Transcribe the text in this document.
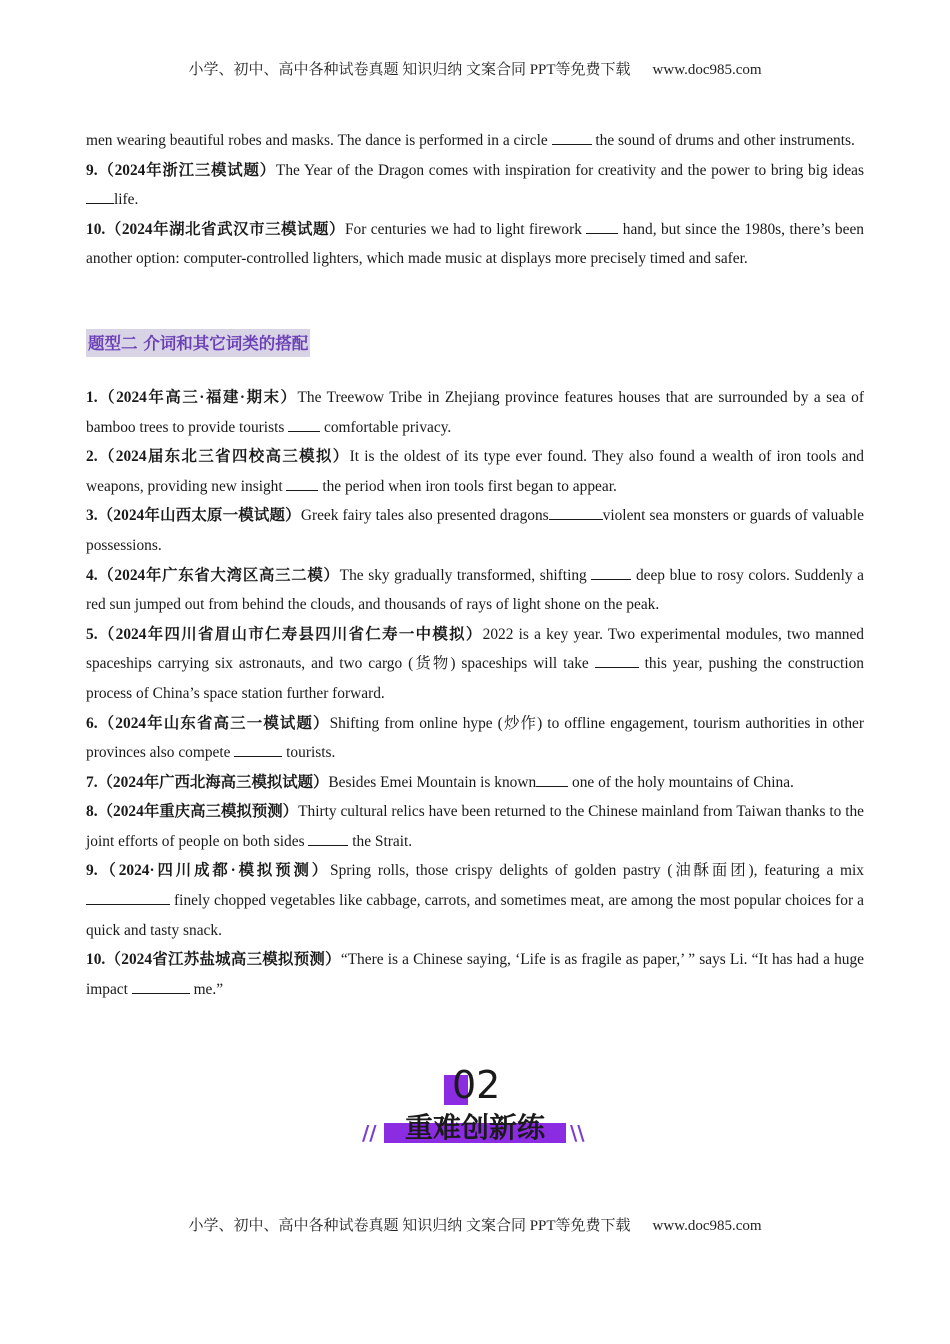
小学、初中、高中各种试卷真题 知识归纳 文案合同 PPT等免费下载 www.doc985.com

men wearing beautiful robes and masks. The dance is performed in a circle	the sound of drums and other instruments.

9.（2024年浙江三模试题）The Year of the Dragon comes with inspiration for creativity and the power to bring big ideas life.

10.（2024年湖北省武汉市三模试题）For centuries we had to light firework  hand, but since the 1980s, there’s been another option: computer-controlled lighters, which made music at displays more precisely timed and safer.

题型二 介词和其它词类的搭配

1.（2024年高三·福建·期末）The Treewow Tribe in Zhejiang province features houses that are surrounded by a sea of bamboo trees to provide tourists  comfortable privacy.

2.（2024届东北三省四校高三模拟）It is the oldest of its type ever found. They also found a wealth of iron tools and weapons, providing new insight  the period when iron tools first began to appear.

3.（2024年山西太原一模试题）Greek fairy tales also presented dragons	violent sea monsters or guards of valuable possessions.

4.（2024年广东省大湾区高三二模）The sky gradually transformed, shifting	deep blue to rosy colors. Suddenly a red sun jumped out from behind the clouds, and thousands of rays of light shone on the peak.

5.（2024年四川省眉山市仁寿县四川省仁寿一中模拟）2022 is a key year. Two experimental modules, two manned spaceships carrying six astronauts, and two cargo (货物) spaceships will take	this year, pushing the construction process of China’s space station further forward.

6.（2024年山东省高三一模试题）Shifting from online hype (炒作) to offline engagement, tourism authorities in other provinces also compete	tourists.

7.（2024年广西北海高三模拟试题）Besides Emei Mountain is known one of the holy mountains of China.

8.（2024年重庆高三模拟预测）Thirty cultural relics have been returned to the Chinese mainland from Taiwan thanks to the joint efforts of people on both sides	the Strait.

9.（2024·四川成都·模拟预测）Spring rolls, those crispy delights of golden pastry (油酥面团), featuring a mix  finely chopped vegetables like cabbage, carrots, and sometimes meat, are among the most popular choices for a quick and tasty snack.

10.（2024省江苏盐城高三模拟预测）“There is a Chinese saying, ‘Life is as fragile as paper,’ ” says Li. “It has had a huge impact	me.”

02
//	重难创新练	\\
小学、初中、高中各种试卷真题 知识归纳 文案合同 PPT等免费下载 www.doc985.com
